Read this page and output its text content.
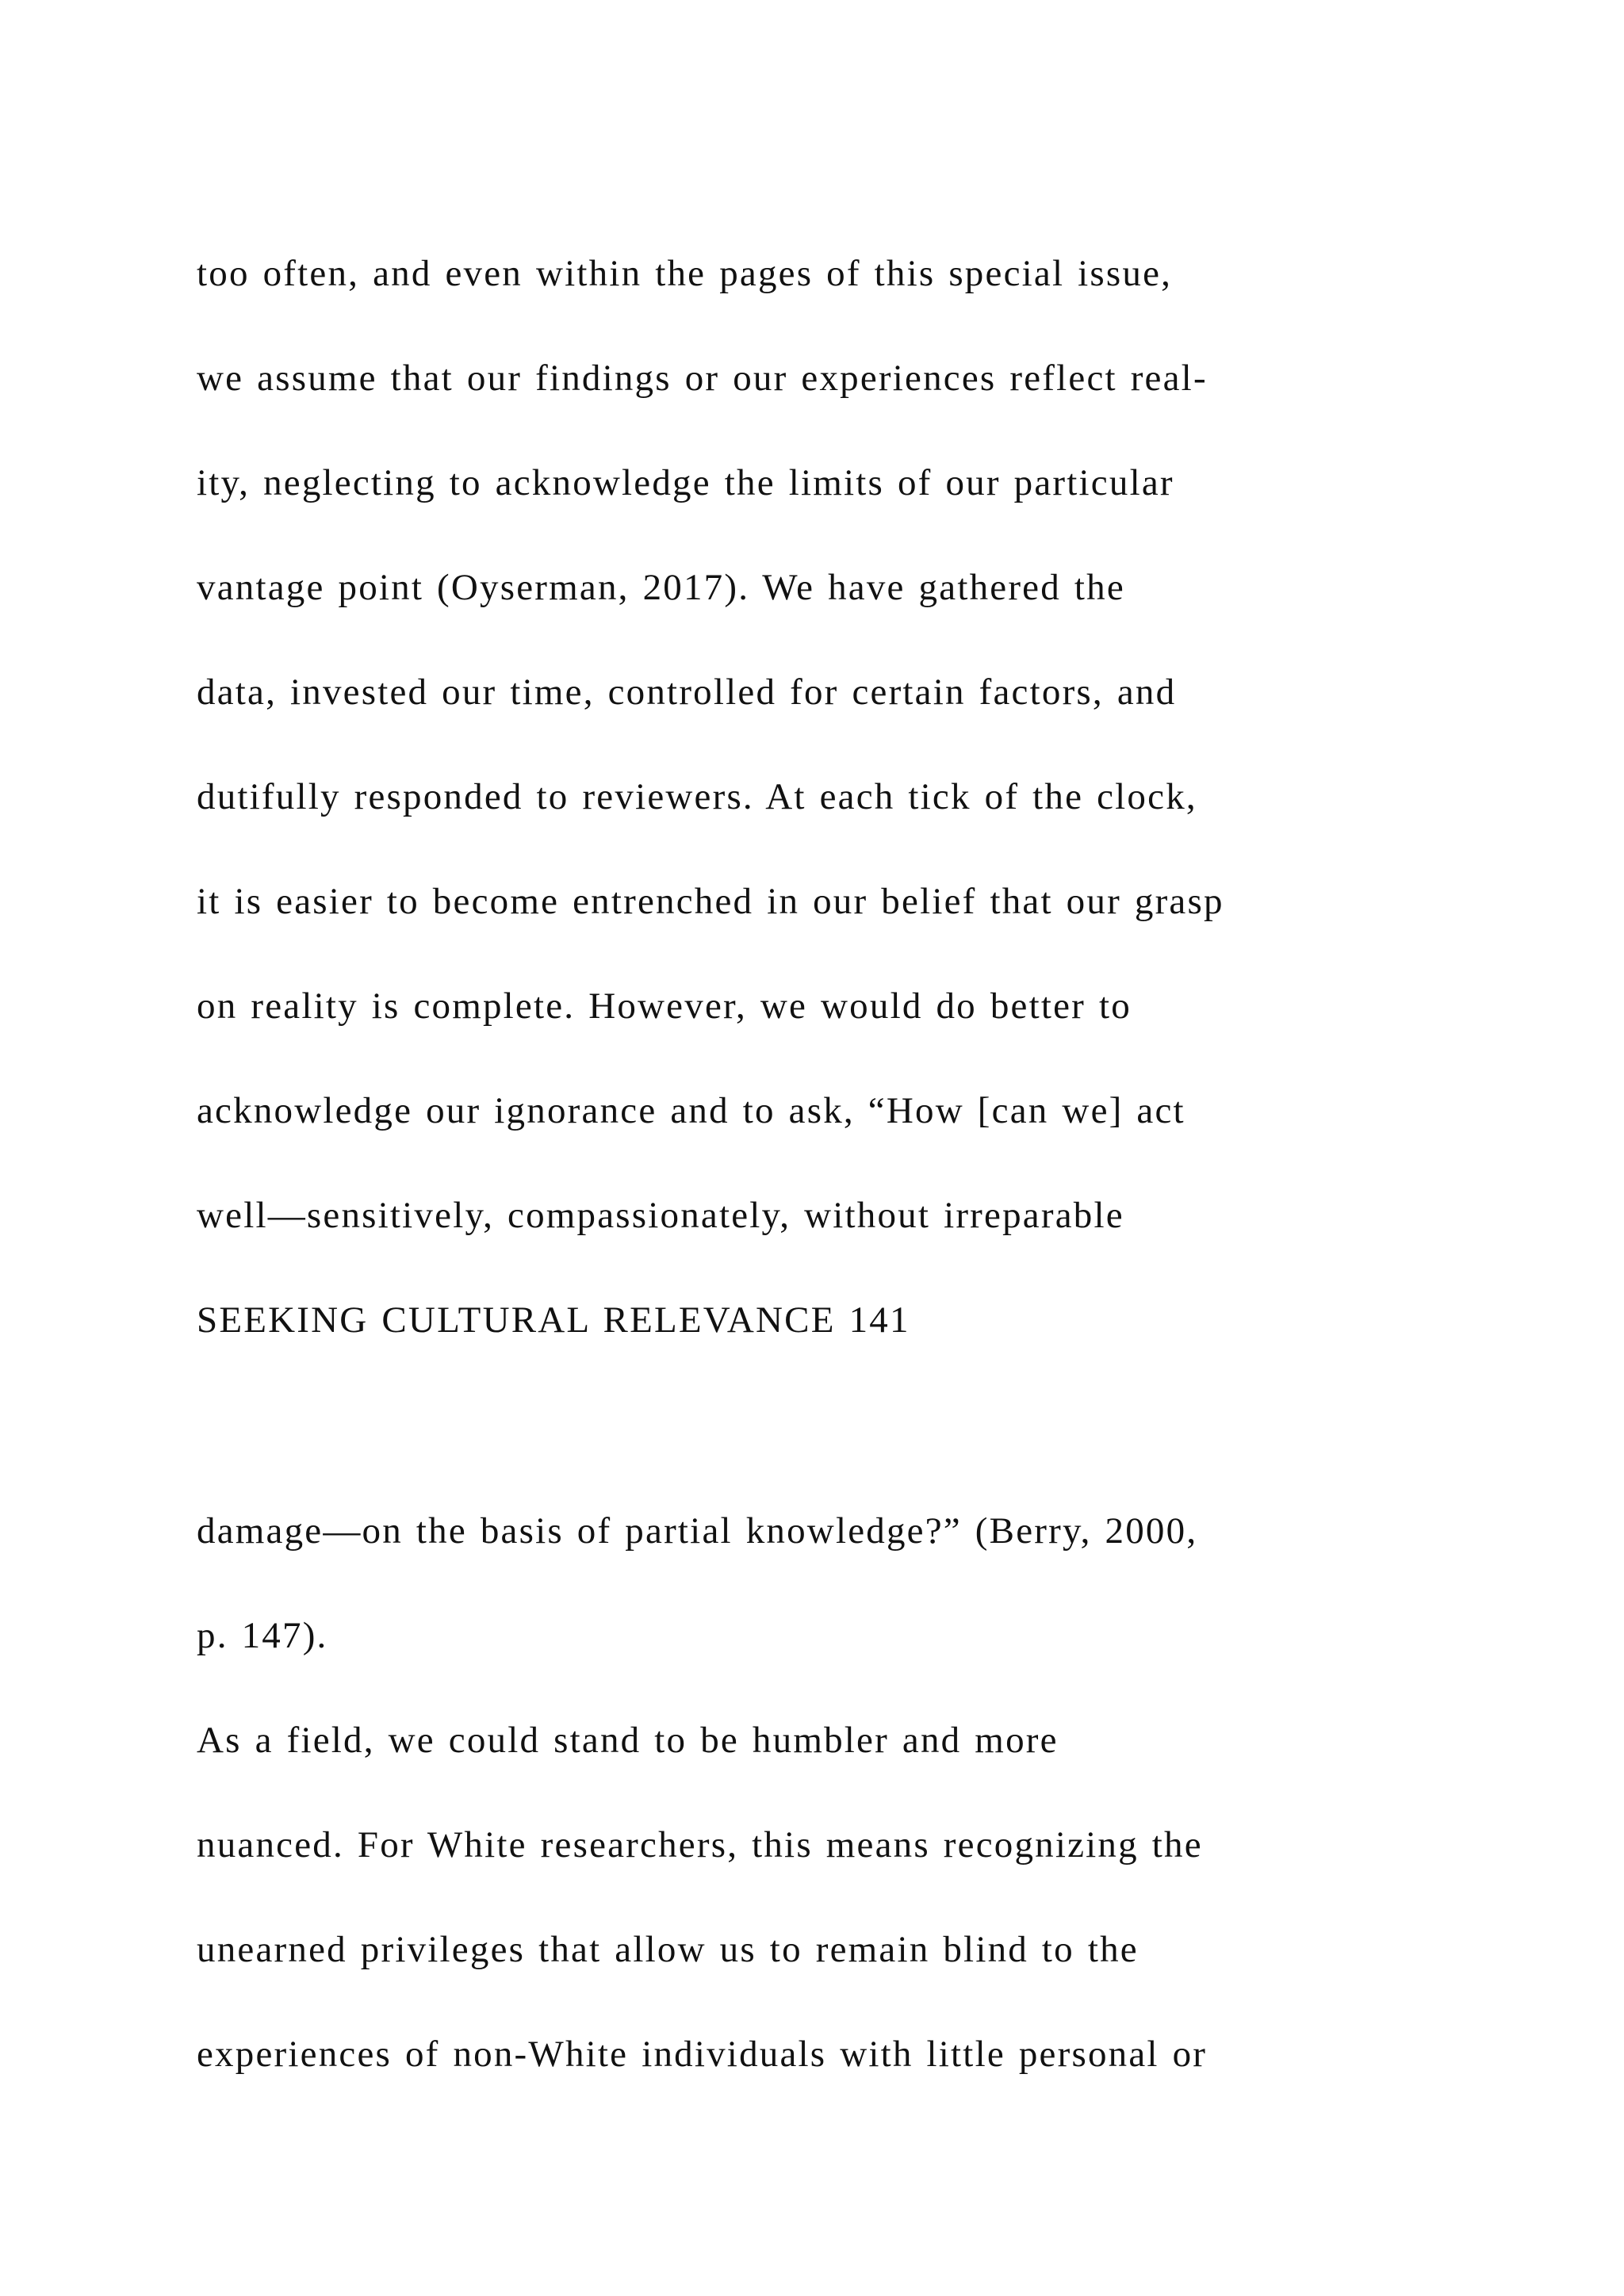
too often, and even within the pages of this special issue,
we assume that our findings or our experiences reflect real-
ity, neglecting to acknowledge the limits of our particular
vantage point (Oyserman, 2017). We have gathered the
data, invested our time, controlled for certain factors, and
dutifully responded to reviewers. At each tick of the clock,
it is easier to become entrenched in our belief that our grasp
on reality is complete. However, we would do better to
acknowledge our ignorance and to ask, “How [can we] act
well—sensitively, compassionately, without irreparable
SEEKING CULTURAL RELEVANCE 141
damage—on the basis of partial knowledge?” (Berry, 2000,
p. 147).
As a field, we could stand to be humbler and more
nuanced. For White researchers, this means recognizing the
unearned privileges that allow us to remain blind to the
experiences of non-White individuals with little personal or
